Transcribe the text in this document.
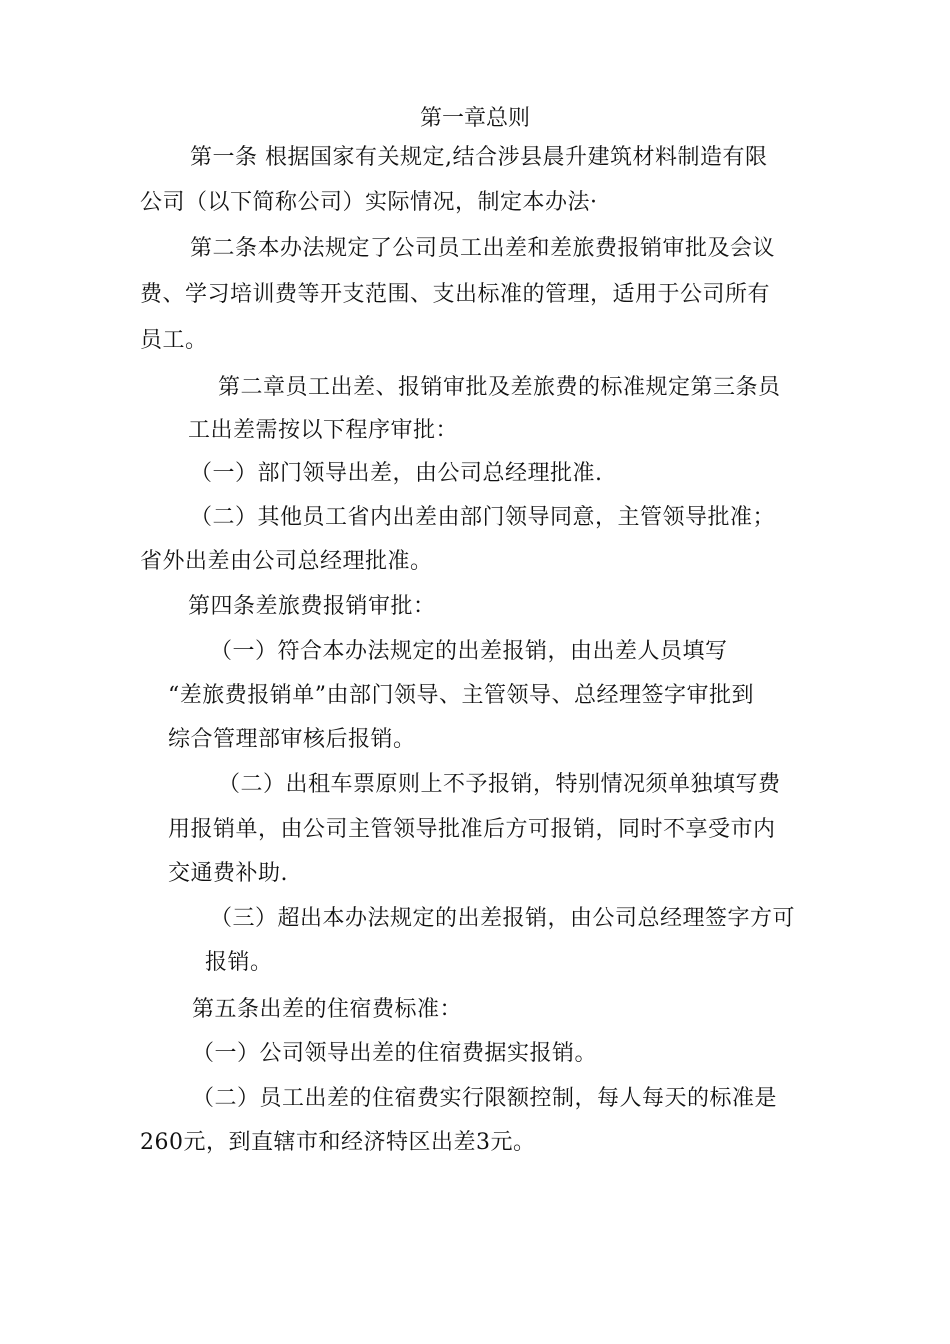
第一章总则
第一条 根据国家有关规定,结合涉县晨升建筑材料制造有限
公司（以下简称公司）实际情况，制定本办法·
第二条本办法规定了公司员工出差和差旅费报销审批及会议
费、学习培训费等开支范围、支出标准的管理，适用于公司所有
员工。
第二章员工出差、报销审批及差旅费的标准规定第三条员
工出差需按以下程序审批：
（一）部门领导出差，由公司总经理批准.
（二）其他员工省内出差由部门领导同意，主管领导批准；
省外出差由公司总经理批准。
第四条差旅费报销审批：
（一）符合本办法规定的出差报销，由出差人员填写
“差旅费报销单”由部门领导、主管领导、总经理签字审批到
综合管理部审核后报销。
（二）出租车票原则上不予报销，特别情况须单独填写费
用报销单，由公司主管领导批准后方可报销，同时不享受市内
交通费补助.
（三）超出本办法规定的出差报销，由公司总经理签字方可
报销。
第五条出差的住宿费标准：
（一）公司领导出差的住宿费据实报销。
（二）员工出差的住宿费实行限额控制，每人每天的标准是
260元，到直辖市和经济特区出差3元。
